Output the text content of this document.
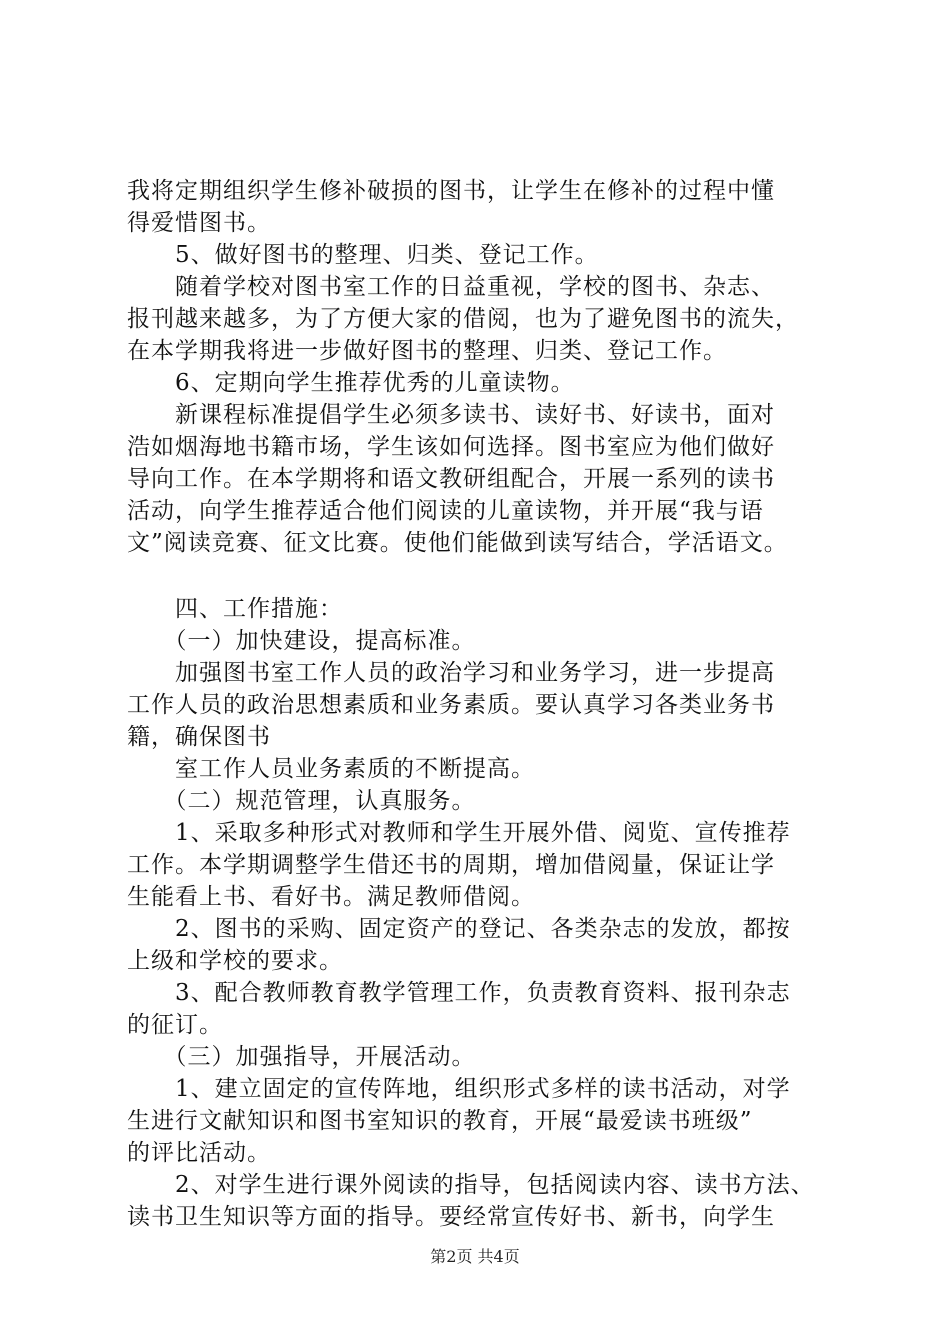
我将定期组织学生修补破损的图书，让学生在修补的过程中懂
得爱惜图书。
　　5、做好图书的整理、归类、登记工作。
　　随着学校对图书室工作的日益重视，学校的图书、杂志、
报刊越来越多，为了方便大家的借阅，也为了避免图书的流失，
在本学期我将进一步做好图书的整理、归类、登记工作。
　　6、定期向学生推荐优秀的儿童读物。
　　新课程标准提倡学生必须多读书、读好书、好读书，面对
浩如烟海地书籍市场，学生该如何选择。图书室应为他们做好
导向工作。在本学期将和语文教研组配合，开展一系列的读书
活动，向学生推荐适合他们阅读的儿童读物，并开展“我与语
文”阅读竞赛、征文比赛。使他们能做到读写结合，学活语文。
　　四、工作措施：
　　（一）加快建设，提高标准。
　　加强图书室工作人员的政治学习和业务学习，进一步提高
工作人员的政治思想素质和业务素质。要认真学习各类业务书
籍，确保图书
　　室工作人员业务素质的不断提高。
　　（二）规范管理，认真服务。
　　1、采取多种形式对教师和学生开展外借、阅览、宣传推荐
工作。本学期调整学生借还书的周期，增加借阅量，保证让学
生能看上书、看好书。满足教师借阅。
　　2、图书的采购、固定资产的登记、各类杂志的发放，都按
上级和学校的要求。
　　3、配合教师教育教学管理工作，负责教育资料、报刊杂志
的征订。
　　（三）加强指导，开展活动。
　　1、建立固定的宣传阵地，组织形式多样的读书活动，对学
生进行文献知识和图书室知识的教育，开展“最爱读书班级”
的评比活动。
　　2、对学生进行课外阅读的指导，包括阅读内容、读书方法、
读书卫生知识等方面的指导。要经常宣传好书、新书，向学生
第2页 共4页
